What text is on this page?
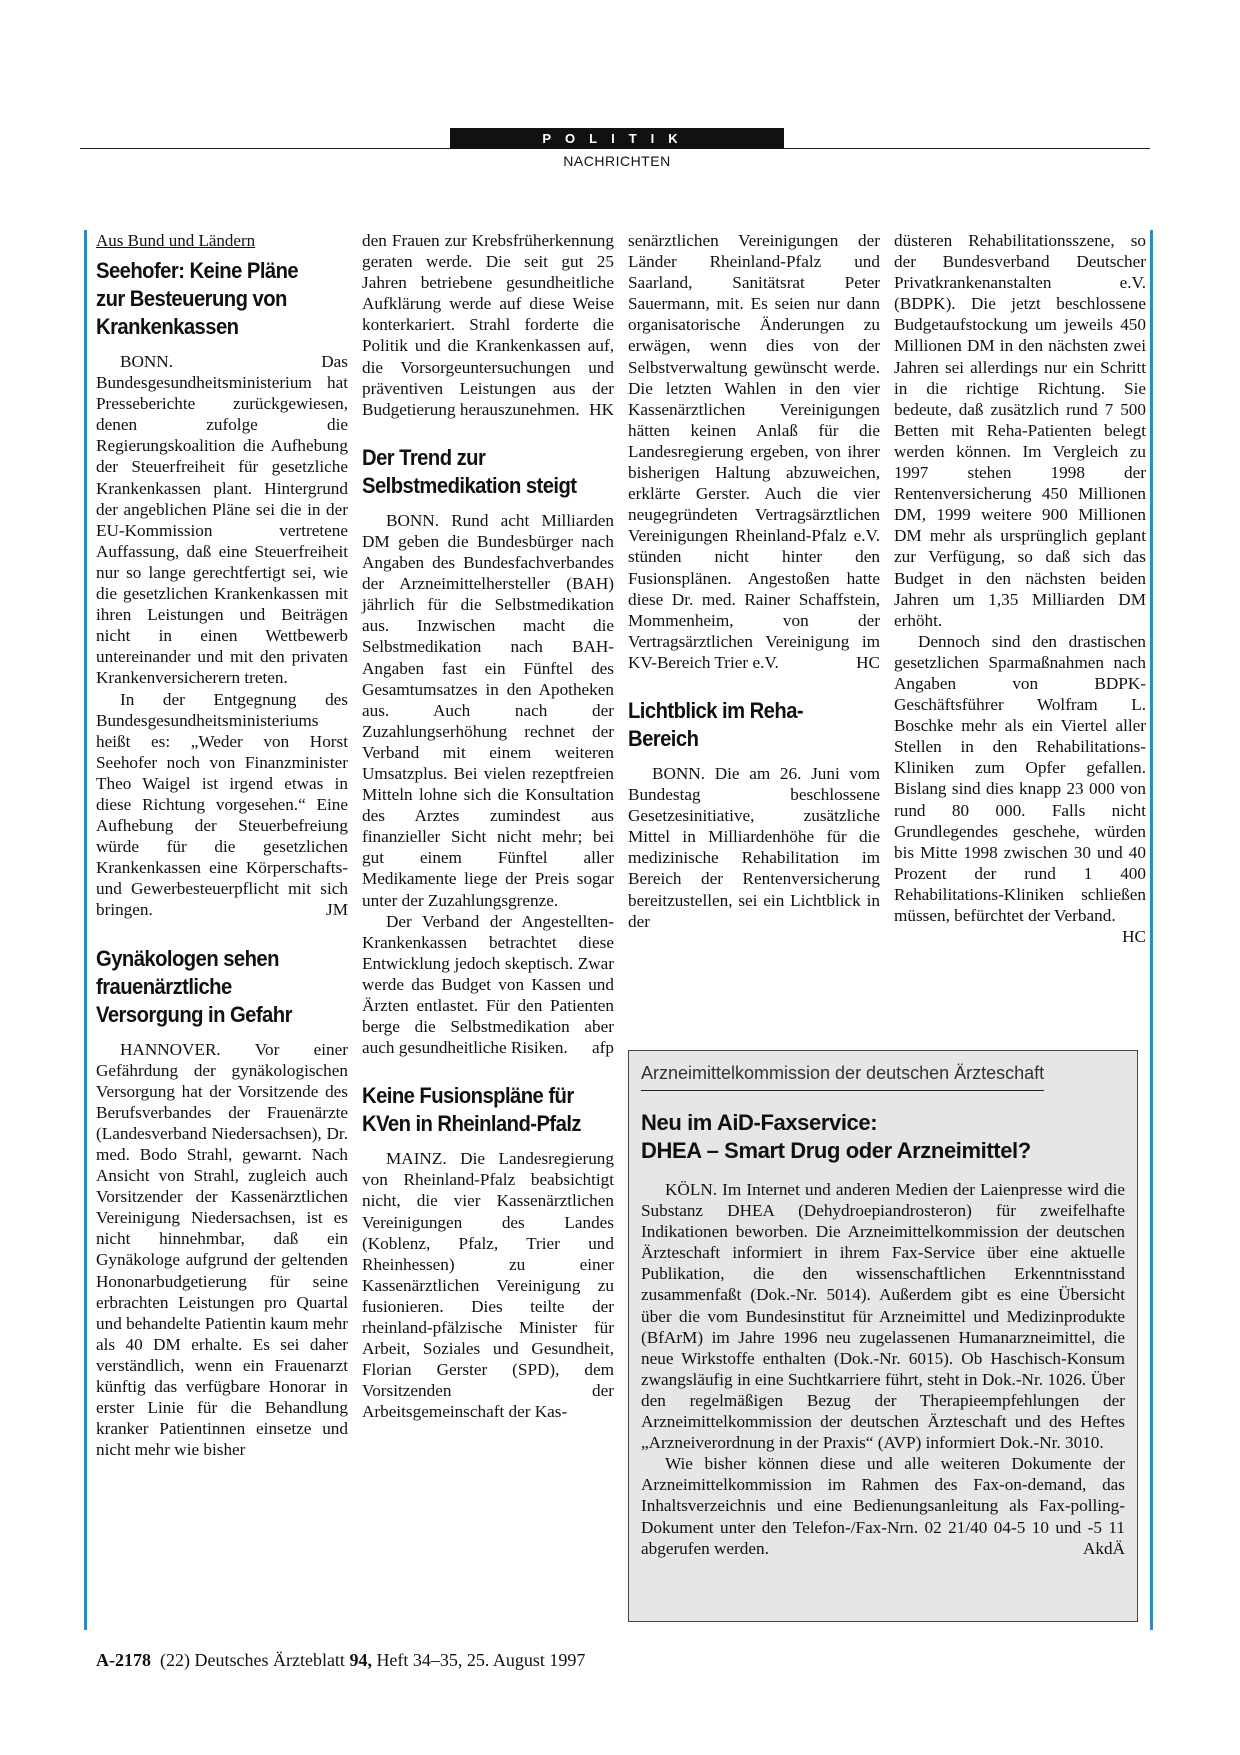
POLITIK
NACHRICHTEN
Aus Bund und Ländern
Seehofer: Keine Pläne zur Besteuerung von Krankenkassen

BONN. Das Bundesgesundheitsministerium hat Presseberichte zurückgewiesen, denen zufolge die Regierungskoalition die Aufhebung der Steuerfreiheit für gesetzliche Krankenkassen plant. Hintergrund der angeblichen Pläne sei die in der EU-Kommission vertretene Auffassung, daß eine Steuerfreiheit nur so lange gerechtfertigt sei, wie die gesetzlichen Krankenkassen mit ihren Leistungen und Beiträgen nicht in einen Wettbewerb untereinander und mit den privaten Krankenversicherern treten.

In der Entgegnung des Bundesgesundheitsministeriums heißt es: „Weder von Horst Seehofer noch von Finanzminister Theo Waigel ist irgend etwas in diese Richtung vorgesehen.“ Eine Aufhebung der Steuerbefreiung würde für die gesetzlichen Krankenkassen eine Körperschafts- und Gewerbesteuerpflicht mit sich bringen.	JM

Gynäkologen sehen frauenärztliche Versorgung in Gefahr

HANNOVER. Vor einer Gefährdung der gynäkologischen Versorgung hat der Vorsitzende des Berufsverbandes der Frauenärzte (Landesverband Niedersachsen), Dr. med. Bodo Strahl, gewarnt. Nach Ansicht von Strahl, zugleich auch Vorsitzender der Kassenärztlichen Vereinigung Niedersachsen, ist es nicht hinnehmbar, daß ein Gynäkologe aufgrund der geltenden Hononarbudgetierung für seine erbrachten Leistungen pro Quartal und behandelte Patientin kaum mehr als 40 DM erhalte. Es sei daher verständlich, wenn ein Frauenarzt künftig das verfügbare Honorar in erster Linie für die Behandlung kranker Patientinnen einsetze und nicht mehr wie bisher

den Frauen zur Krebsfrüherkennung geraten werde. Die seit gut 25 Jahren betriebene gesundheitliche Aufklärung werde auf diese Weise konterkariert. Strahl forderte die Politik und die Krankenkassen auf, die Vorsorgeuntersuchungen und präventiven Leistungen aus der Budgetierung herauszunehmen. HK

Der Trend zur Selbstmedikation steigt

BONN. Rund acht Milliarden DM geben die Bundesbürger nach Angaben des Bundesfachverbandes der Arzneimittelhersteller (BAH) jährlich für die Selbstmedikation aus. Inzwischen macht die Selbstmedikation nach BAH-Angaben fast ein Fünftel des Gesamtumsatzes in den Apotheken aus. Auch nach der Zuzahlungserhöhung rechnet der Verband mit einem weiteren Umsatzplus. Bei vielen rezeptfreien Mitteln lohne sich die Konsultation des Arztes zumindest aus finanzieller Sicht nicht mehr; bei gut einem Fünftel aller Medikamente liege der Preis sogar unter der Zuzahlungsgrenze.

Der Verband der Angestellten-Krankenkassen betrachtet diese Entwicklung jedoch skeptisch. Zwar werde das Budget von Kassen und Ärzten entlastet. Für den Patienten berge die Selbstmedikation aber auch gesundheitliche Risiken.	afp

Keine Fusionspläne für KVen in Rheinland-Pfalz

MAINZ. Die Landesregierung von Rheinland-Pfalz beabsichtigt nicht, die vier Kassenärztlichen Vereinigungen des Landes (Koblenz, Pfalz, Trier und Rheinhessen) zu einer Kassenärztlichen Vereinigung zu fusionieren. Dies teilte der rheinland-pfälzische Minister für Arbeit, Soziales und Gesundheit, Florian Gerster (SPD), dem Vorsitzenden der Arbeitsgemeinschaft der Kas-

senärztlichen Vereinigungen der Länder Rheinland-Pfalz und Saarland, Sanitätsrat Peter Sauermann, mit. Es seien nur dann organisatorische Änderungen zu erwägen, wenn dies von der Selbstverwaltung gewünscht werde. Die letzten Wahlen in den vier Kassenärztlichen Vereinigungen hätten keinen Anlaß für die Landesregierung ergeben, von ihrer bisherigen Haltung abzuweichen, erklärte Gerster. Auch die vier neugegründeten Vertragsärztlichen Vereinigungen Rheinland-Pfalz e.V. stünden nicht hinter den Fusionsplänen. Angestoßen hatte diese Dr. med. Rainer Schaffstein, Mommenheim, von der Vertragsärztlichen Vereinigung im KV-Bereich Trier e.V.	HC

Lichtblick im Reha-Bereich

BONN. Die am 26. Juni vom Bundestag beschlossene Gesetzesinitiative, zusätzliche Mittel in Milliardenhöhe für die medizinische Rehabilitation im Bereich der Rentenversicherung bereitzustellen, sei ein Lichtblick in der

düsteren Rehabilitationsszene, so der Bundesverband Deutscher Privatkrankenanstalten e.V. (BDPK). Die jetzt beschlossene Budgetaufstockung um jeweils 450 Millionen DM in den nächsten zwei Jahren sei allerdings nur ein Schritt in die richtige Richtung. Sie bedeute, daß zusätzlich rund 7 500 Betten mit Reha-Patienten belegt werden können. Im Vergleich zu 1997 stehen 1998 der Rentenversicherung 450 Millionen DM, 1999 weitere 900 Millionen DM mehr als ursprünglich geplant zur Verfügung, so daß sich das Budget in den nächsten beiden Jahren um 1,35 Milliarden DM erhöht.

Dennoch sind den drastischen gesetzlichen Sparmaßnahmen nach Angaben von BDPK-Geschäftsführer Wolfram L. Boschke mehr als ein Viertel aller Stellen in den Rehabilitations-Kliniken zum Opfer gefallen. Bislang sind dies knapp 23 000 von rund 80 000. Falls nicht Grundlegendes geschehe, würden bis Mitte 1998 zwischen 30 und 40 Prozent der rund 1 400 Rehabilitations-Kliniken schließen müssen, befürchtet der Verband.
HC

Arzneimittelkommission der deutschen Ärzteschaft
Neu im AiD-Faxservice:
DHEA – Smart Drug oder Arzneimittel?

KÖLN. Im Internet und anderen Medien der Laienpresse wird die Substanz DHEA (Dehydroepiandrosteron) für zweifelhafte Indikationen beworben. Die Arzneimittelkommission der deutschen Ärzteschaft informiert in ihrem Fax-Service über eine aktuelle Publikation, die den wissenschaftlichen Erkenntnisstand zusammenfaßt (Dok.-Nr. 5014). Außerdem gibt es eine Übersicht über die vom Bundesinstitut für Arzneimittel und Medizinprodukte (BfArM) im Jahre 1996 neu zugelassenen Humanarzneimittel, die neue Wirkstoffe enthalten (Dok.-Nr. 6015). Ob Haschisch-Konsum zwangsläufig in eine Suchtkarriere führt, steht in Dok.-Nr. 1026. Über den regelmäßigen Bezug der Therapieempfehlungen der Arzneimittelkommission der deutschen Ärzteschaft und des Heftes „Arzneiverordnung in der Praxis“ (AVP) informiert Dok.-Nr. 3010.

Wie bisher können diese und alle weiteren Dokumente der Arzneimittelkommission im Rahmen des Fax-on-demand, das Inhaltsverzeichnis und eine Bedienungsanleitung als Fax-polling-Dokument unter den Telefon-/Fax-Nrn. 02 21/40 04-5 10 und -5 11 abgerufen werden.	AkdÄ

A-2178 (22) Deutsches Ärzteblatt 94, Heft 34–35, 25. August 1997
